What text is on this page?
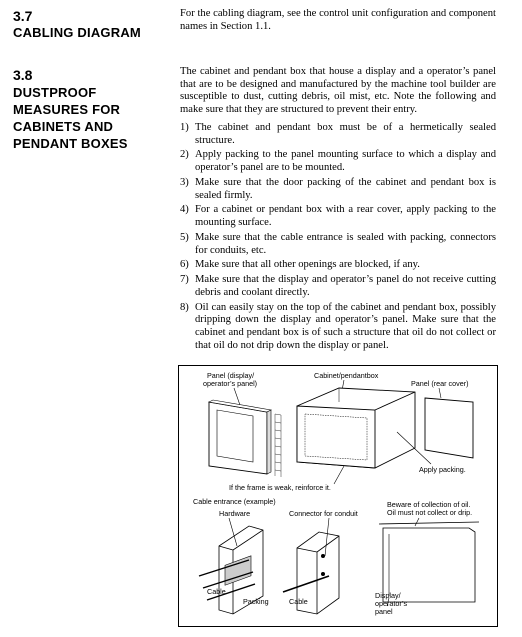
3.7
CABLING DIAGRAM

For the cabling diagram, see the control unit configuration and component names in Section 1.1.

3.8
DUSTPROOF
MEASURES FOR
CABINETS AND
PENDANT BOXES

The cabinet and pendant box that house a display and a operator’s panel that are to be designed and manufactured by the machine tool builder are susceptible to dust, cutting debris, oil mist, etc. Note the following and make sure that they are structured to prevent their entry.

1) The cabinet and pendant box must be of a hermetically sealed structure.
2) Apply packing to the panel mounting surface to which a display and operator’s panel are to be mounted.
3) Make sure that the door packing of the cabinet and pendant box is sealed firmly.
4) For a cabinet or pendant box with a rear cover, apply packing to the mounting surface.
5) Make sure that the cable entrance is sealed with packing, connectors for conduits, etc.
6) Make sure that all other openings are blocked, if any.
7) Make sure that the display and operator’s panel do not receive cutting debris and coolant directly.
8) Oil can easily stay on the top of the cabinet and pendant box, possibly dripping down the display and operator’s panel. Make sure that the cabinet and pendant box is of such a structure that oil do not collect or that oil do not drip down the display or panel.
Panel (display/
operator’s panel)
Cabinet/pendantbox
Panel (rear cover)
Apply packing.
If the frame is weak, reinforce it.
Cable entrance (example)
Hardware	Connector for conduit
Beware of collection of oil.
Oil must not collect or drip.
Cable
Packing	Cable
Display/
operator’s
panel
